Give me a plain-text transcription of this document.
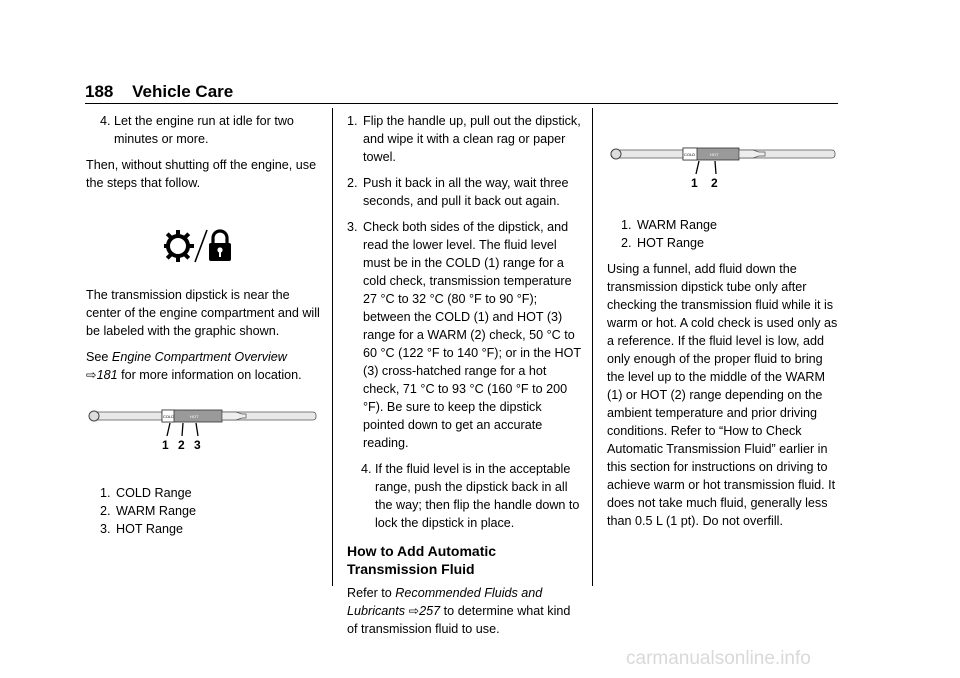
188 Vehicle Care
4. Let the engine run at idle for two minutes or more.

Then, without shutting off the engine, use the steps that follow.

The transmission dipstick is near the center of the engine compartment and will be labeled with the graphic shown.

See Engine Compartment Overview ⇨181 for more information on location.

COLD	HOT
1 2 3
1. COLD Range
2. WARM Range
3. HOT Range
1. Flip the handle up, pull out the dipstick, and wipe it with a clean rag or paper towel.
2. Push it back in all the way, wait three seconds, and pull it back out again.
3. Check both sides of the dipstick, and read the lower level. The fluid level must be in the COLD (1) range for a cold check, transmission temperature 27 °C to 32 °C (80 °F to 90 °F); between the COLD (1) and HOT (3) range for a WARM (2) check, 50 °C to 60 °C (122 °F to 140 °F); or in the HOT (3) cross-hatched range for a hot check, 71 °C to 93 °C (160 °F to 200 °F). Be sure to keep the dipstick pointed down to get an accurate reading.
4. If the fluid level is in the acceptable range, push the dipstick back in all the way; then flip the handle down to lock the dipstick in place.
How to Add Automatic Transmission Fluid

Refer to Recommended Fluids and Lubricants ⇨257 to determine what kind of transmission fluid to use.

COLD	HOT
1 2
1. WARM Range
2. HOT Range

Using a funnel, add fluid down the transmission dipstick tube only after checking the transmission fluid while it is warm or hot. A cold check is used only as a reference. If the fluid level is low, add only enough of the proper fluid to bring the level up to the middle of the WARM (1) or HOT (2) range depending on the ambient temperature and prior driving conditions. Refer to “How to Check Automatic Transmission Fluid” earlier in this section for instructions on driving to achieve warm or hot transmission fluid. It does not take much fluid, generally less than 0.5 L (1 pt). Do not overfill.

carmanualsonline.info
